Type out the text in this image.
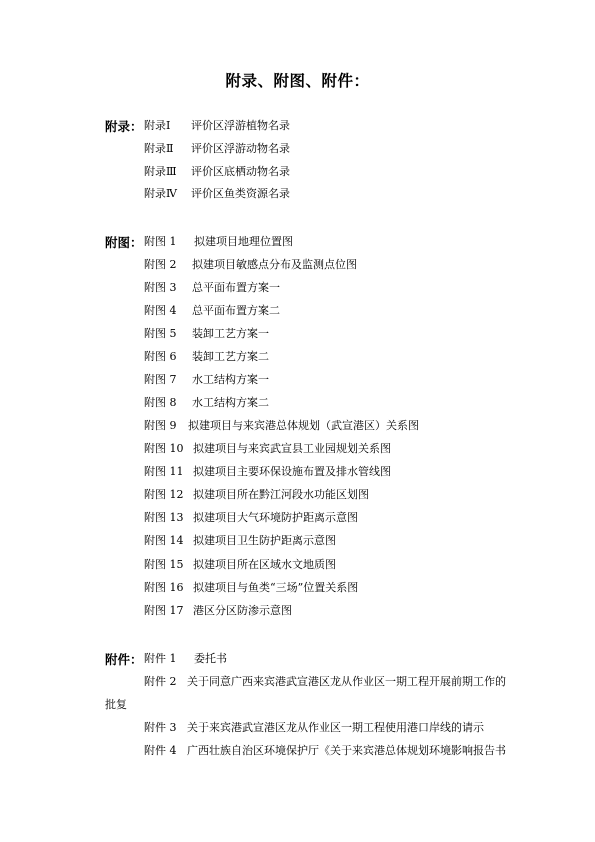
附录、附图、附件：
附录： 附录Ⅰ 评价区浮游植物名录
附录Ⅱ 评价区浮游动物名录
附录Ⅲ 评价区底栖动物名录
附录Ⅳ 评价区鱼类资源名录
附图： 附图 1 拟建项目地理位置图
附图 2 拟建项目敏感点分布及监测点位图
附图 3 总平面布置方案一
附图 4 总平面布置方案二
附图 5 装卸工艺方案一
附图 6 装卸工艺方案二
附图 7 水工结构方案一
附图 8 水工结构方案二
附图 9 拟建项目与来宾港总体规划（武宣港区）关系图
附图 10 拟建项目与来宾武宣县工业园规划关系图
附图 11 拟建项目主要环保设施布置及排水管线图
附图 12 拟建项目所在黔江河段水功能区划图
附图 13 拟建项目大气环境防护距离示意图
附图 14 拟建项目卫生防护距离示意图
附图 15 拟建项目所在区域水文地质图
附图 16 拟建项目与鱼类“三场”位置关系图
附图 17 港区分区防渗示意图
附件： 附件 1 委托书
附件 2 关于同意广西来宾港武宣港区龙从作业区一期工程开展前期工作的
批复
附件 3 关于来宾港武宣港区龙从作业区一期工程使用港口岸线的请示
附件 4 广西壮族自治区环境保护厅《关于来宾港总体规划环境影响报告书
